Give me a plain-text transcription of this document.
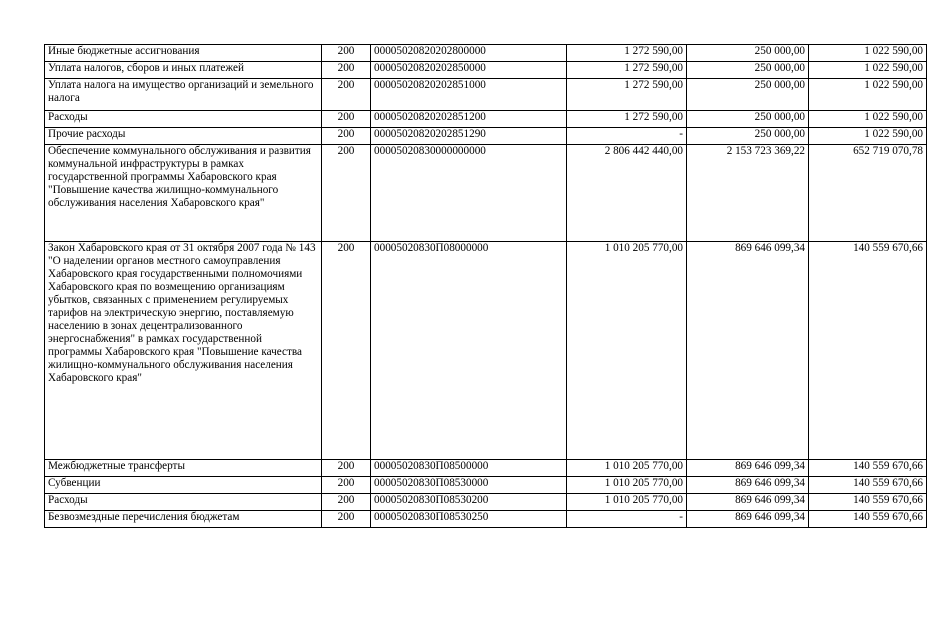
Иные бюджетные ассигнования	200	00005020820202800000	1 272 590,00	250 000,00	1 022 590,00
Уплата налогов, сборов и иных платежей	200	00005020820202850000	1 272 590,00	250 000,00	1 022 590,00
Уплата налога на имущество организаций и земельного налога	200	00005020820202851000	1 272 590,00	250 000,00	1 022 590,00
Расходы	200	00005020820202851200	1 272 590,00	250 000,00	1 022 590,00
Прочие расходы	200	00005020820202851290	-	250 000,00	1 022 590,00
Обеспечение коммунального обслуживания и развития коммунальной инфраструктуры в рамках государственной программы Хабаровского края "Повышение качества жилищно-коммунального обслуживания населения Хабаровского края"	200	00005020830000000000	2 806 442 440,00	2 153 723 369,22	652 719 070,78
Закон Хабаровского края от 31 октября 2007 года № 143 "О наделении органов местного самоуправления Хабаровского края государственными полномочиями Хабаровского края по возмещению организациям убытков, связанных с применением регулируемых тарифов на электрическую энергию, поставляемую населению в зонах децентрализованного энергоснабжения" в рамках государственной программы Хабаровского края "Повышение качества жилищно-коммунального обслуживания населения Хабаровского края"	200	00005020830П08000000	1 010 205 770,00	869 646 099,34	140 559 670,66
Межбюджетные трансферты	200	00005020830П08500000	1 010 205 770,00	869 646 099,34	140 559 670,66
Субвенции	200	00005020830П08530000	1 010 205 770,00	869 646 099,34	140 559 670,66
Расходы	200	00005020830П08530200	1 010 205 770,00	869 646 099,34	140 559 670,66
Безвозмездные перечисления бюджетам	200	00005020830П08530250	-	869 646 099,34	140 559 670,66
